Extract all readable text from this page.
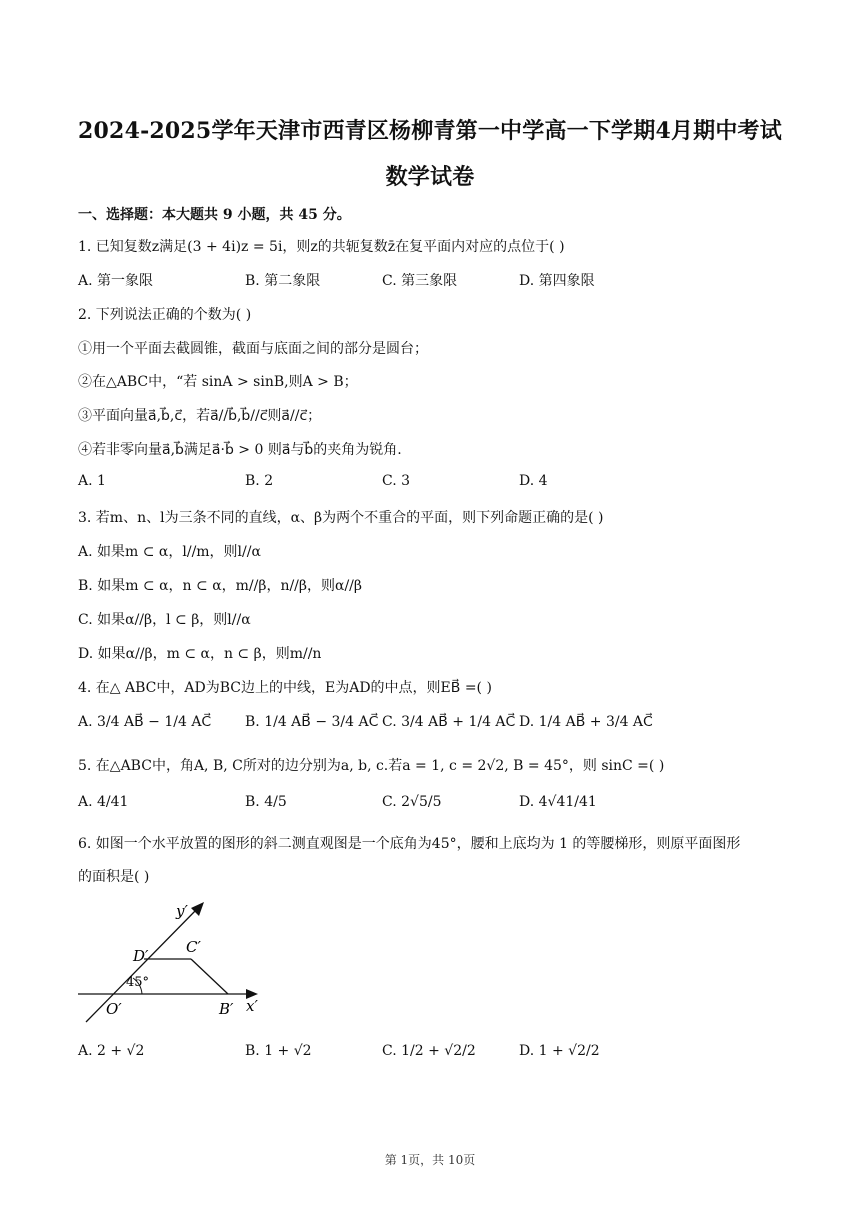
2024-2025学年天津市西青区杨柳青第一中学高一下学期4月期中考试
数学试卷
一、选择题：本大题共 9 小题，共 45 分。
1. 已知复数z满足(3 + 4i)z = 5i，则z的共轭复数z̄在复平面内对应的点位于( )
A. 第一象限	B. 第二象限	C. 第三象限	D. 第四象限
2. 下列说法正确的个数为( )
①用一个平面去截圆锥，截面与底面之间的部分是圆台；
②在△ABC中，“若 sinA > sinB,则A > B；
③平面向量a⃗,b⃗,c⃗，若a⃗//b⃗,b⃗//c⃗则a⃗//c⃗；
④若非零向量a⃗,b⃗满足a⃗·b⃗ > 0 则a⃗与b⃗的夹角为锐角.
A. 1	B. 2	C. 3	D. 4
3. 若m、n、l为三条不同的直线，α、β为两个不重合的平面，则下列命题正确的是( )
A. 如果m ⊂ α，l//m，则l//α
B. 如果m ⊂ α，n ⊂ α，m//β，n//β，则α//β
C. 如果α//β，l ⊂ β，则l//α
D. 如果α//β，m ⊂ α，n ⊂ β，则m//n
4. 在△ ABC中，AD为BC边上的中线，E为AD的中点，则EB⃗ =( )
A. 3/4 AB⃗ − 1/4 AC⃗ B. 1/4 AB⃗ − 3/4 AC⃗ C. 3/4 AB⃗ + 1/4 AC⃗ D. 1/4 AB⃗ + 3/4 AC⃗
5. 在△ABC中，角A, B, C所对的边分别为a, b, c.若a = 1, c = 2√2, B = 45°，则 sinC =( )
A. 4/41	B. 4/5	C. 2√5/5	D. 4√41/41
6. 如图一个水平放置的图形的斜二测直观图是一个底角为45°，腰和上底均为 1 的等腰梯形，则原平面图形
的面积是( )
y′
x′
O′	B′
C′
D′
45°
A. 2 + √2	B. 1 + √2	C. 1/2 + √2/2	D. 1 + √2/2
第 1页，共 10页
